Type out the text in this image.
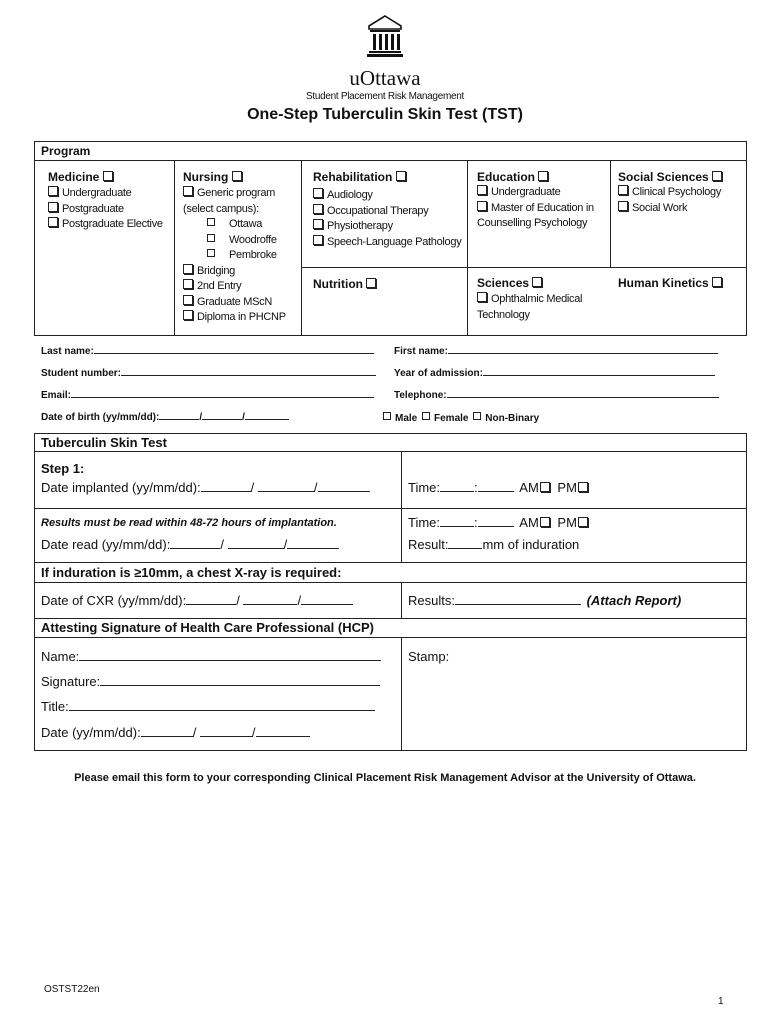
uOttawa
Student Placement Risk Management
One-Step Tuberculin Skin Test (TST)
Program
Medicine
Undergraduate
Postgraduate
Postgraduate Elective
Nursing
Generic program
(select campus):
Ottawa
Woodroffe
Pembroke
Bridging
2nd Entry
Graduate MScN
Diploma in PHCNP
Rehabilitation
Audiology
Occupational Therapy
Physiotherapy
Speech-Language Pathology
Education
Undergraduate
Master of Education in
Counselling Psychology
Social Sciences
Clinical Psychology
Social Work
Nutrition	Sciences
Ophthalmic Medical
Technology
Human Kinetics
Last name:	First name:
Student number:	Year of admission:
Email:	Telephone:
Date of birth (yy/mm/dd):	/	/	Male Female Non-Binary
Tuberculin Skin Test
Step 1:
Date implanted (yy/mm/dd):	/	/	Time:	:	AM PM
Results must be read within 48-72 hours of implantation.
Date read (yy/mm/dd):	/	/
Time:	:	AM PM
Result:	mm of induration
If induration is ≥10mm, a chest X-ray is required:
Date of CXR (yy/mm/dd):	/	/	Results:	(Attach Report)
Attesting Signature of Health Care Professional (HCP)
Name:
Signature:
Title:
Date (yy/mm/dd):	/	/
Stamp:
Please email this form to your corresponding Clinical Placement Risk Management Advisor at the University of Ottawa.
OSTST22en
1
